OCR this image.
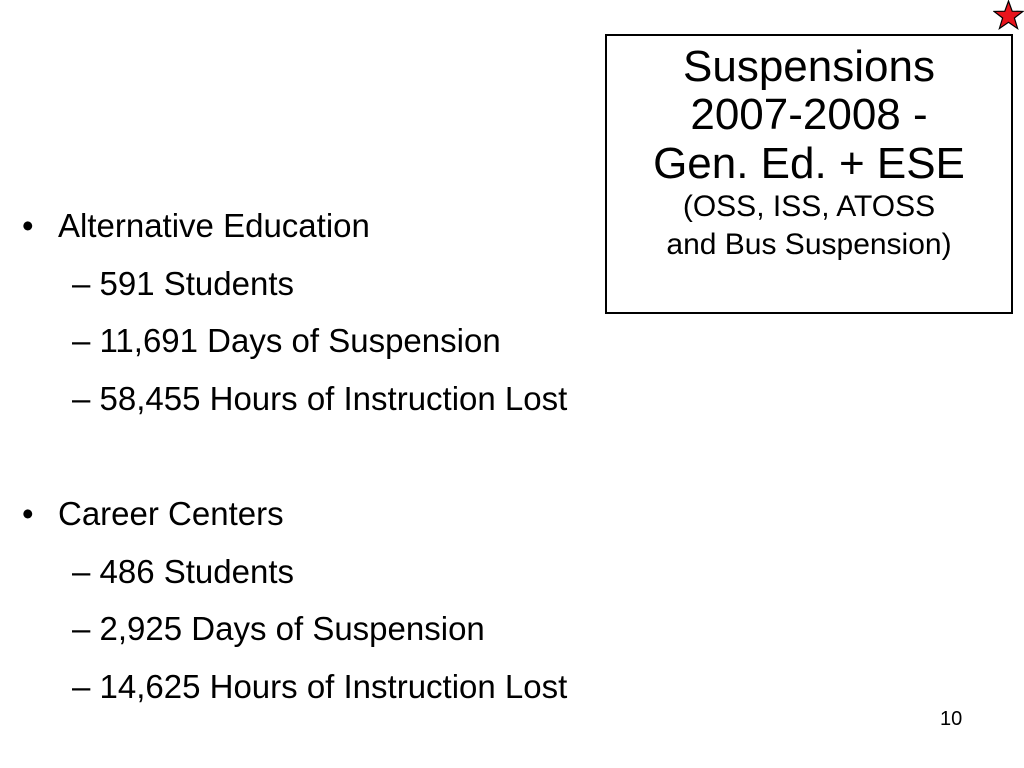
Suspensions
2007-2008 -
Gen. Ed. + ESE
(OSS, ISS, ATOSS
and Bus Suspension)
• Alternative Education
– 591 Students
– 11,691 Days of Suspension
– 58,455 Hours of Instruction Lost
• Career Centers
– 486 Students
– 2,925 Days of Suspension
– 14,625 Hours of Instruction Lost
10
